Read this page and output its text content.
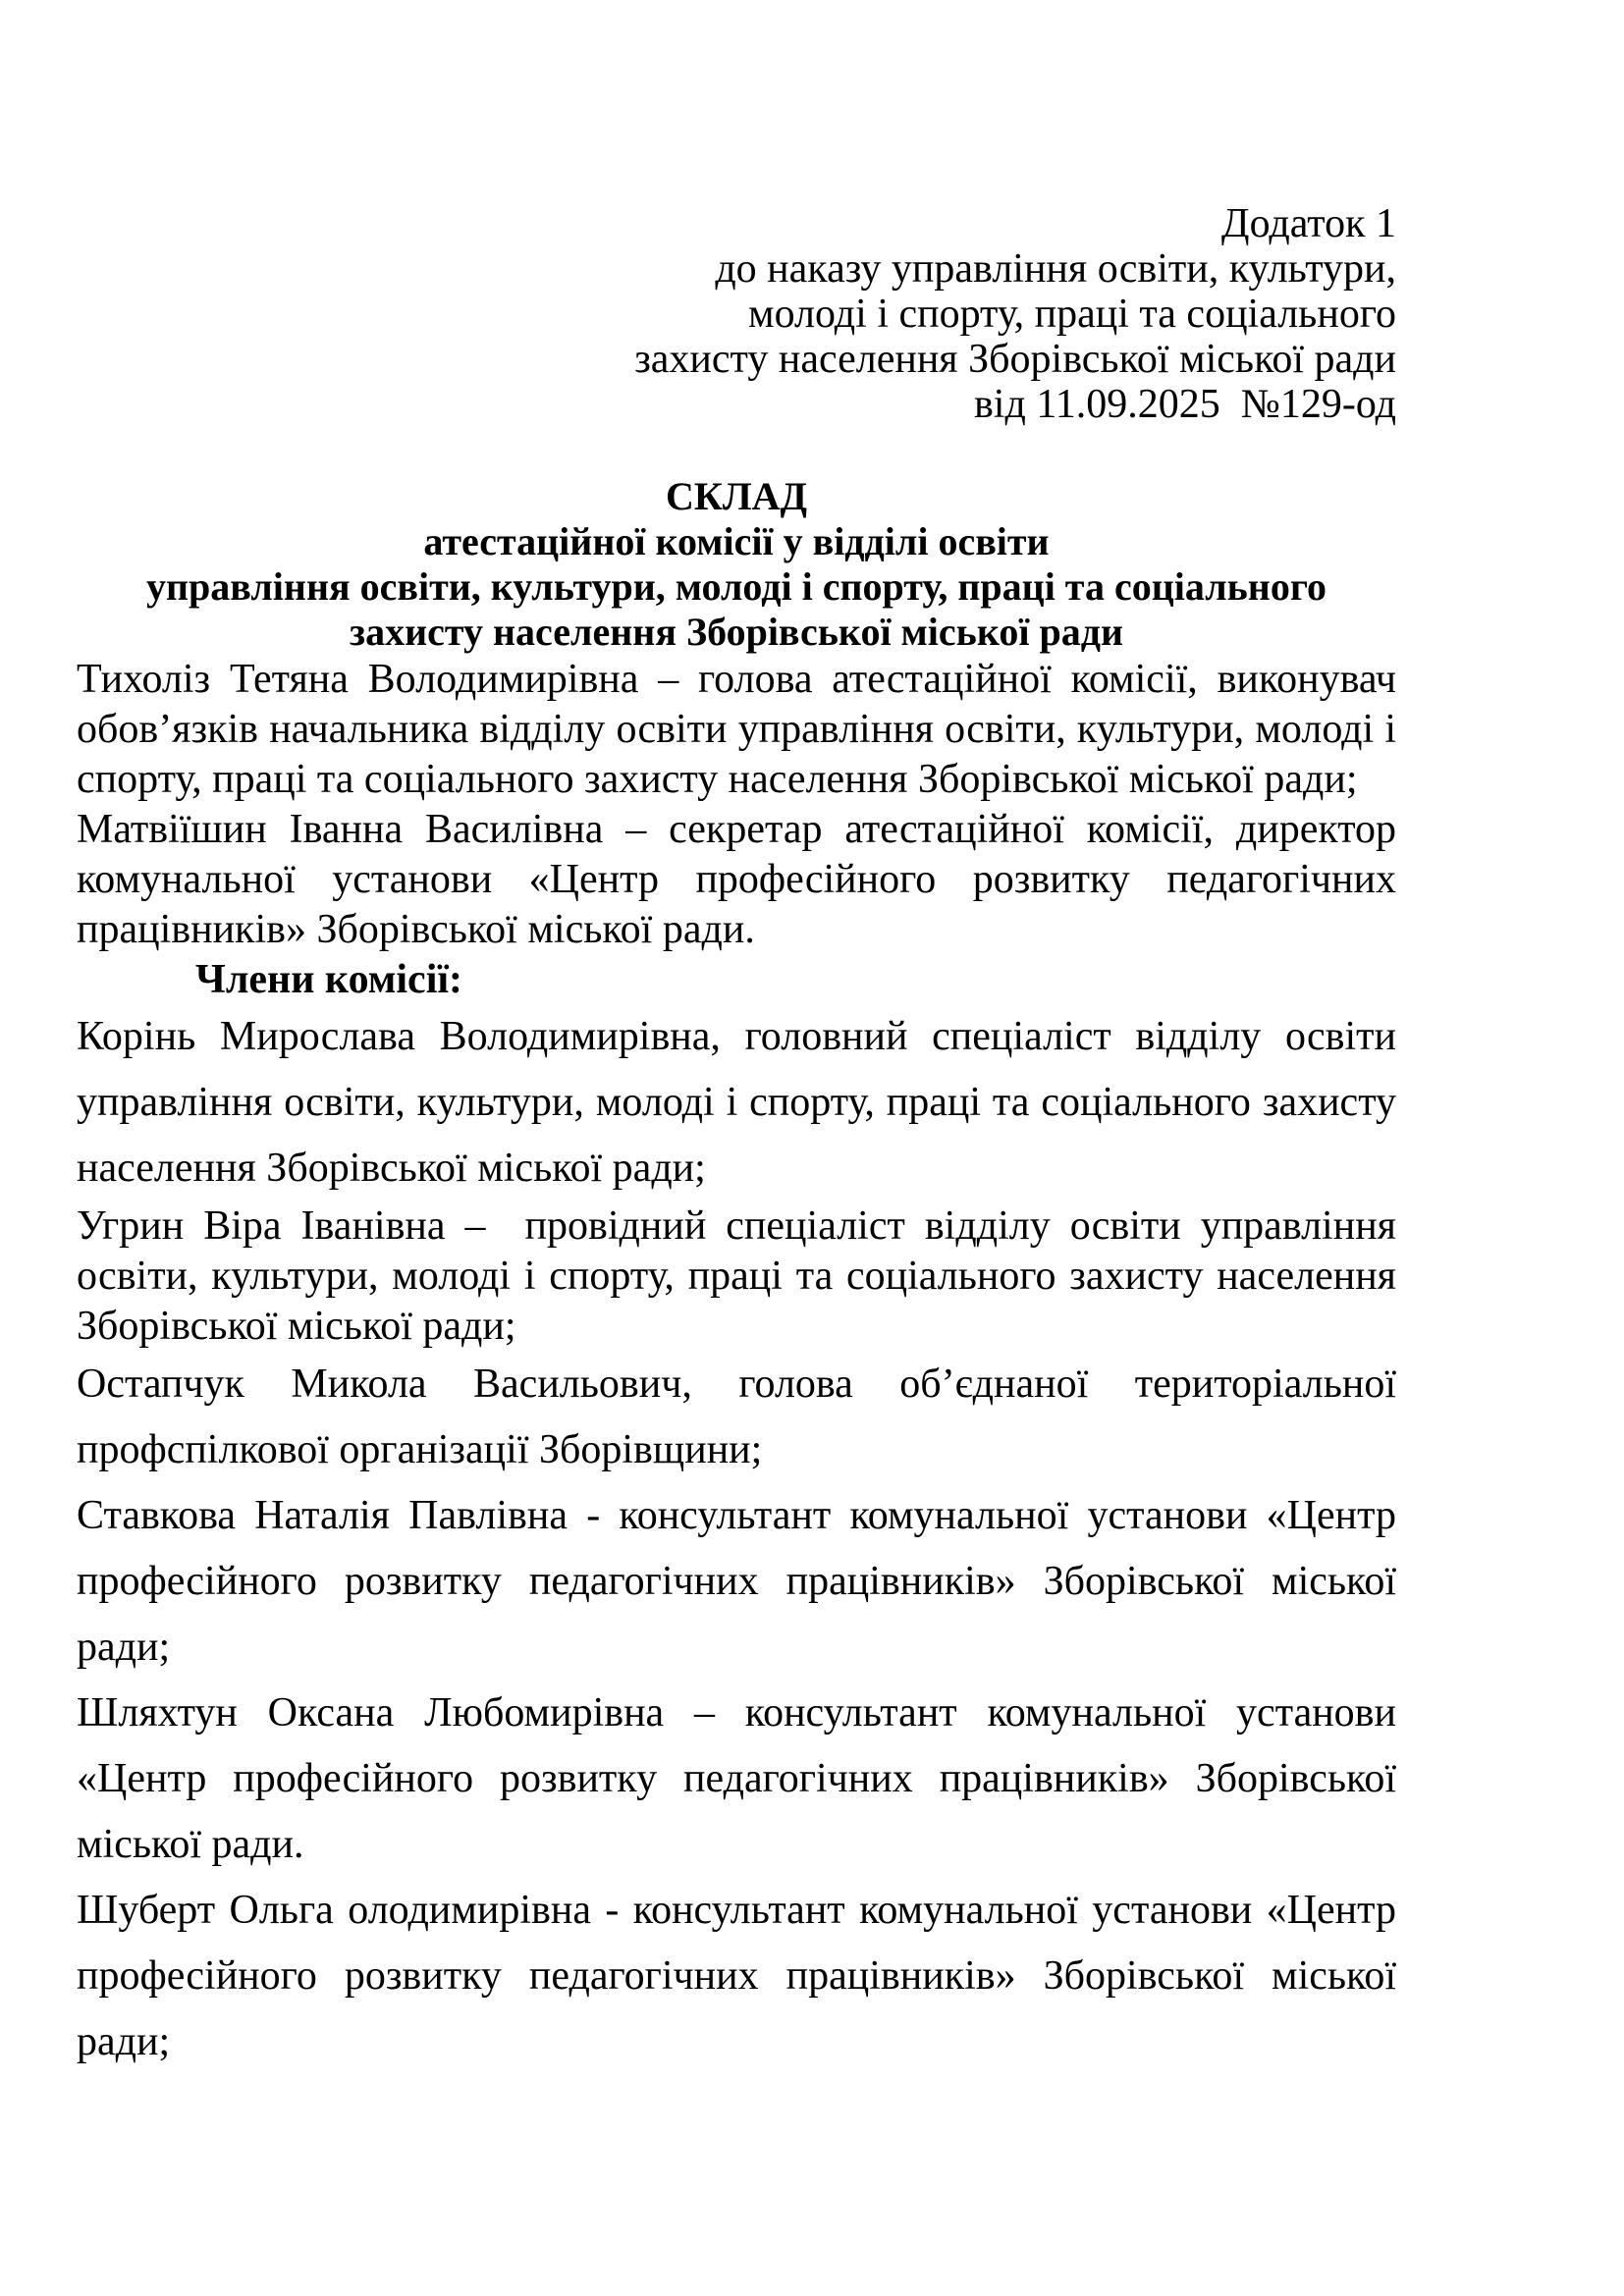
Додаток 1
до наказу управління освіти, культури,
молоді і спорту, праці та соціального
захисту населення Зборівської міської ради
від 11.09.2025  №129-од
СКЛАД
атестаційної комісії у відділі освіти
управління освіти, культури, молоді і спорту, праці та соціального
захисту населення Зборівської міської ради

Тихоліз Тетяна Володимирівна – голова атестаційної комісії, виконувач обов’язків начальника відділу освіти управління освіти, культури, молоді і спорту, праці та соціального захисту населення Зборівської міської ради;

Матвіїшин Іванна Василівна – секретар атестаційної комісії, директор комунальної установи «Центр професійного розвитку педагогічних працівників» Зборівської міської ради.

Члени комісії:

Корінь Мирослава Володимирівна, головний спеціаліст відділу освіти управління освіти, культури, молоді і спорту, праці та соціального захисту населення Зборівської міської ради;

Угрин Віра Іванівна –  провідний спеціаліст відділу освіти управління освіти, культури, молоді і спорту, праці та соціального захисту населення Зборівської міської ради;

Остапчук Микола Васильович, голова об’єднаної територіальної профспілкової організації Зборівщини;

Ставкова Наталія Павлівна - консультант комунальної установи «Центр професійного розвитку педагогічних працівників» Зборівської міської ради;

Шляхтун Оксана Любомирівна – консультант комунальної установи «Центр професійного розвитку педагогічних працівників» Зборівської міської ради.

Шуберт Ольга олодимирівна - консультант комунальної установи «Центр професійного розвитку педагогічних працівників» Зборівської міської ради;
